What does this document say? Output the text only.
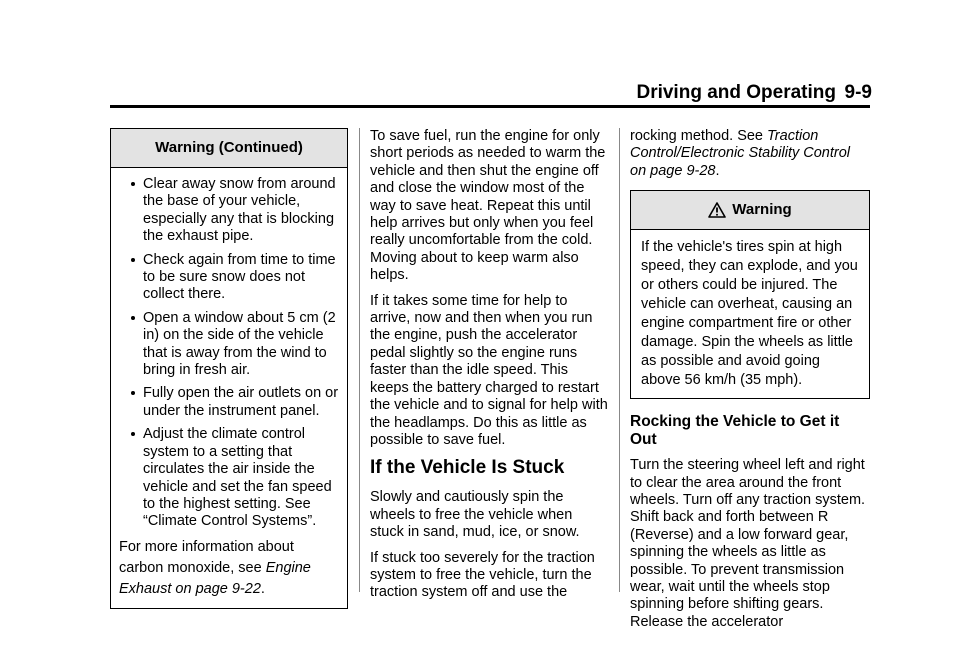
Driving and Operating 9-9
Warning (Continued)
Clear away snow from around the base of your vehicle, especially any that is blocking the exhaust pipe.
Check again from time to time to be sure snow does not collect there.
Open a window about 5 cm (2 in) on the side of the vehicle that is away from the wind to bring in fresh air.
Fully open the air outlets on or under the instrument panel.
Adjust the climate control system to a setting that circulates the air inside the vehicle and set the fan speed to the highest setting. See “Climate Control Systems”.

For more information about carbon monoxide, see Engine Exhaust on page 9-22.

To save fuel, run the engine for only short periods as needed to warm the vehicle and then shut the engine off and close the window most of the way to save heat. Repeat this until help arrives but only when you feel really uncomfortable from the cold. Moving about to keep warm also helps.

If it takes some time for help to arrive, now and then when you run the engine, push the accelerator pedal slightly so the engine runs faster than the idle speed. This keeps the battery charged to restart the vehicle and to signal for help with the headlamps. Do this as little as possible to save fuel.

If the Vehicle Is Stuck

Slowly and cautiously spin the wheels to free the vehicle when stuck in sand, mud, ice, or snow.

If stuck too severely for the traction system to free the vehicle, turn the traction system off and use the

rocking method. See Traction Control/Electronic Stability Control on page 9-28.

Warning
If the vehicle's tires spin at high speed, they can explode, and you or others could be injured. The vehicle can overheat, causing an engine compartment fire or other damage. Spin the wheels as little as possible and avoid going above 56 km/h (35 mph).
Rocking the Vehicle to Get it Out

Turn the steering wheel left and right to clear the area around the front wheels. Turn off any traction system. Shift back and forth between R (Reverse) and a low forward gear, spinning the wheels as little as possible. To prevent transmission wear, wait until the wheels stop spinning before shifting gears. Release the accelerator
